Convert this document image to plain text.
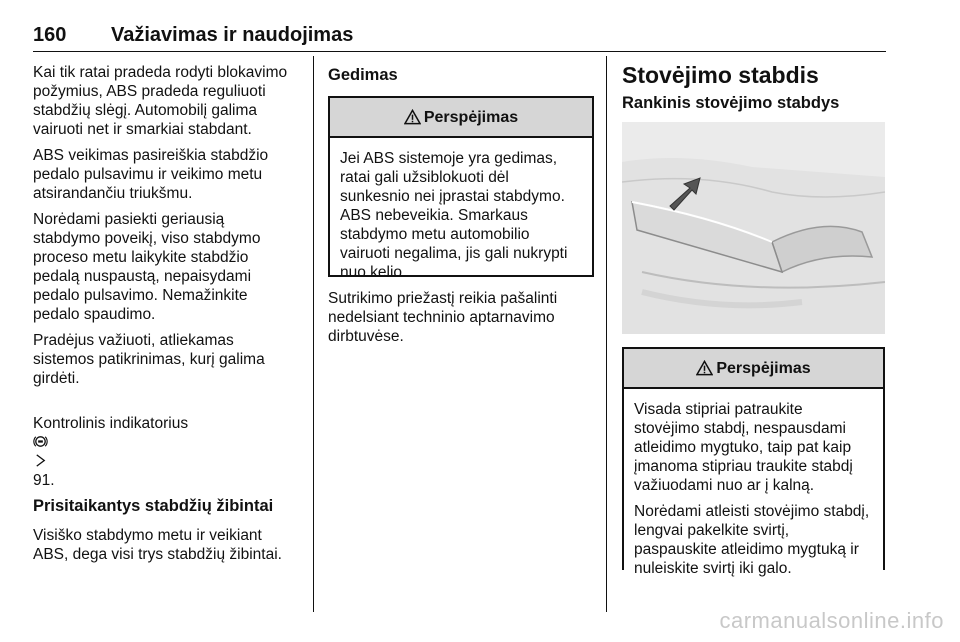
160 Važiavimas ir naudojimas

Kai tik ratai pradeda rodyti blokavimo
požymius, ABS pradeda reguliuoti
stabdžių slėgį. Automobilį galima
vairuoti net ir smarkiai stabdant.

ABS veikimas pasireiškia stabdžio
pedalo pulsavimu ir veikimo metu
atsirandančiu triukšmu.

Norėdami pasiekti geriausią
stabdymo poveikį, viso stabdymo
proceso metu laikykite stabdžio
pedalą nuspaustą, nepaisydami
pedalo pulsavimo. Nemažinkite
pedalo spaudimo.

Pradėjus važiuoti, atliekamas
sistemos patikrinimas, kurį galima
girdėti.

Kontrolinis indikatorius

91.

Prisitaikantys stabdžių žibintai

Visiško stabdymo metu ir veikiant
ABS, dega visi trys stabdžių žibintai.

Gedimas
Perspėjimas

Jei ABS sistemoje yra gedimas,
ratai gali užsiblokuoti dėl
sunkesnio nei įprastai stabdymo.
ABS nebeveikia. Smarkaus
stabdymo metu automobilio
vairuoti negalima, jis gali nukrypti
nuo kelio.

Sutrikimo priežastį reikia pašalinti
nedelsiant techninio aptarnavimo
dirbtuvėse.

Stovėjimo stabdis
Rankinis stovėjimo stabdys
Perspėjimas

Visada stipriai patraukite
stovėjimo stabdį, nespausdami
atleidimo mygtuko, taip pat kaip
įmanoma stipriau traukite stabdį
važiuodami nuo ar į kalną.

Norėdami atleisti stovėjimo stabdį,
lengvai pakelkite svirtį,
paspauskite atleidimo mygtuką ir
nuleiskite svirtį iki galo.

carmanualsonline.info
